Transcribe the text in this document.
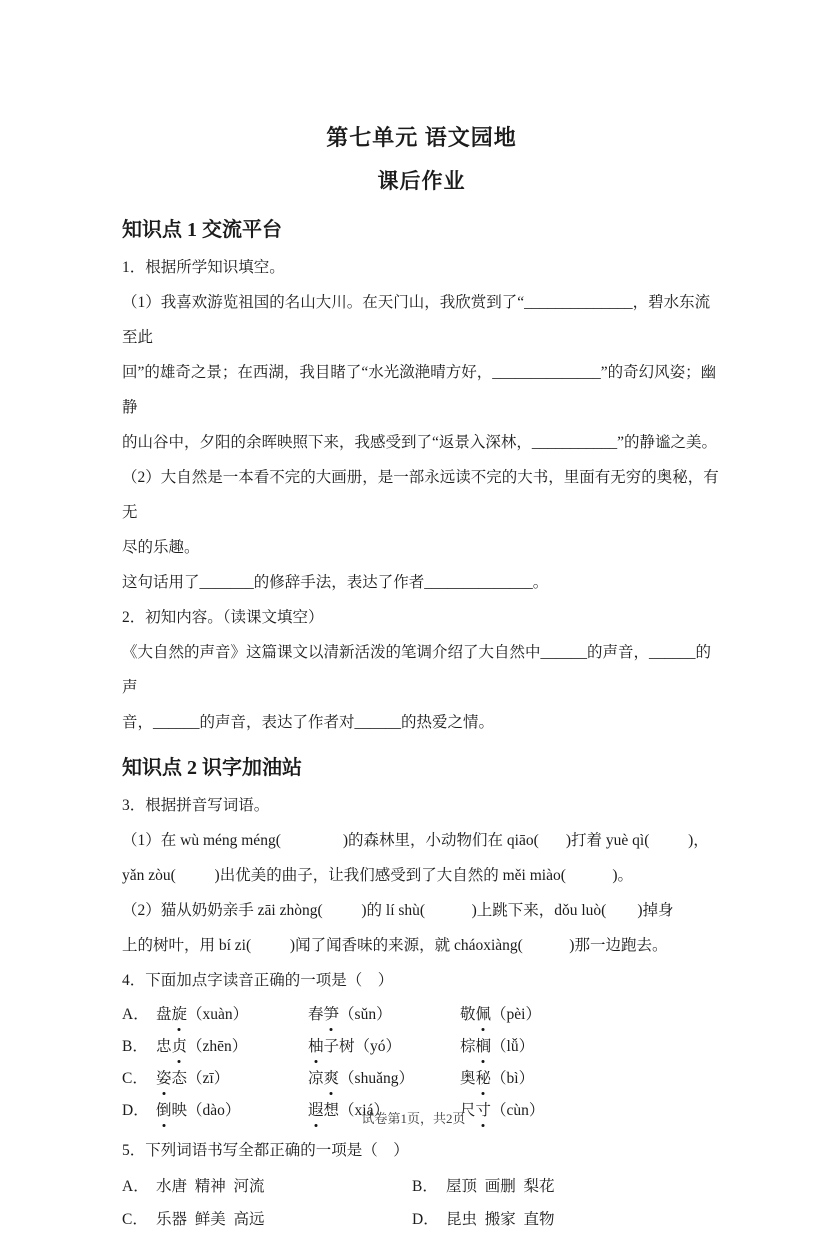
第七单元 语文园地
课后作业
知识点 1 交流平台
1．根据所学知识填空。
（1）我喜欢游览祖国的名山大川。在天门山，我欣赏到了“______________，碧水东流至此
回”的雄奇之景；在西湖，我目睹了“水光潋滟晴方好，______________”的奇幻风姿；幽静
的山谷中，夕阳的余晖映照下来，我感受到了“返景入深林，___________”的静谧之美。
（2）大自然是一本看不完的大画册，是一部永远读不完的大书，里面有无穷的奥秘，有无
尽的乐趣。
这句话用了_______的修辞手法，表达了作者______________。
2．初知内容。（读课文填空）
《大自然的声音》这篇课文以清新活泼的笔调介绍了大自然中______的声音，______的声
音，______的声音，表达了作者对______的热爱之情。
知识点 2 识字加油站
3．根据拼音写词语。
（1）在 wù méng méng(                )的森林里，小动物们在 qiāo(       )打着 yuè qì(          )，
yǎn zòu(          )出优美的曲子，让我们感受到了大自然的 měi miào(            )。
（2）猫从奶奶亲手 zāi zhòng(          )的 lí shù(            )上跳下来，dǒu luò(        )掉身
上的树叶，用 bí zi(          )闻了闻香味的来源，就 cháoxiàng(            )那一边跑去。
4．下面加点字读音正确的一项是（　）
A． 盘旋（xuàn）	春笋（sǔn）	敬佩（pèi）
B． 忠贞（zhēn）	柚子树（yó）	棕榈（lǚ）
C． 姿态（zī）	凉爽（shuǎng）	奥秘（bì）
D． 倒映（dào）	遐想（xiá）	尺寸（cùn）
5．下列词语书写全都正确的一项是（　）
A． 水唐  精神  河流	B． 屋顶  画删  梨花
C． 乐器  鲜美  高远	D． 昆虫  搬家  直物
试卷第1页，共2页
